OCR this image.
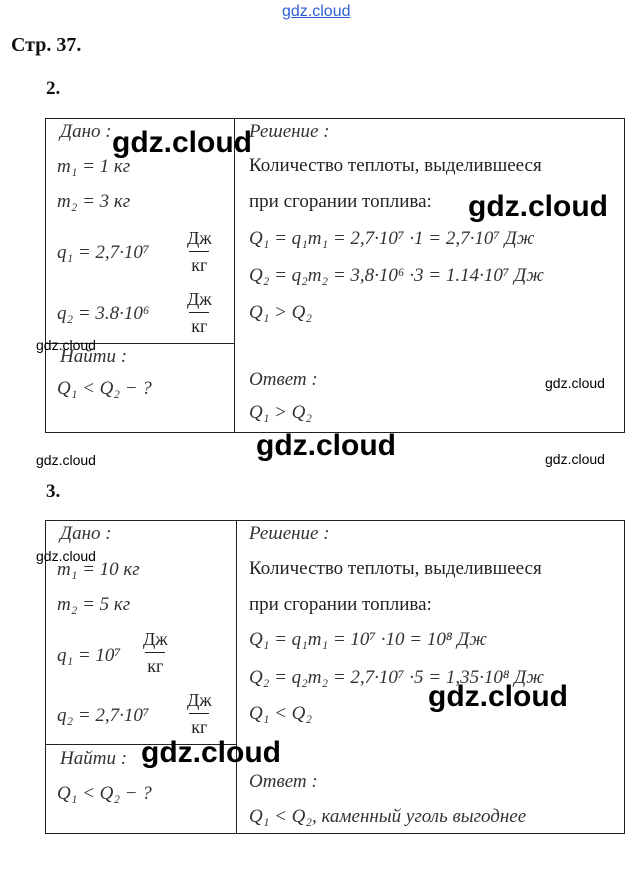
gdz.cloud
Стр. 37.
2.
Дано :
m₁ = 1 кг
m₂ = 3 кг
q₁ = 2,7·10⁷
Дж
кг
q₂ = 3.8·10⁶
Дж
кг
Найти :
Q₁ < Q₂ − ?
Решение :
Количество теплоты, выделившееся
при сгорании топлива:
Q₁ = q₁m₁ = 2,7·10⁷ ·1 = 2,7·10⁷ Дж
Q₂ = q₂m₂ = 3,8·10⁶ ·3 = 1.14·10⁷ Дж
Q₁ > Q₂
Ответ :
Q₁ > Q₂
3.
Дано :
m₁ = 10 кг
m₂ = 5 кг
q₁ = 10⁷
Дж
кг
q₂ = 2,7·10⁷
Дж
кг
Найти :
Q₁ < Q₂ − ?
Решение :
Количество теплоты, выделившееся
при сгорании топлива:
Q₁ = q₁m₁ = 10⁷ ·10 = 10⁸ Дж
Q₂ = q₂m₂ = 2,7·10⁷ ·5 = 1,35·10⁸ Дж
Q₁ < Q₂
Ответ :
Q₁ < Q₂, каменный уголь выгоднее
gdz.cloud
gdz.cloud
gdz.cloud
gdz.cloud
gdz.cloud
gdz.cloud	gdz.cloud
gdz.cloud
gdz.cloud
gdz.cloud
